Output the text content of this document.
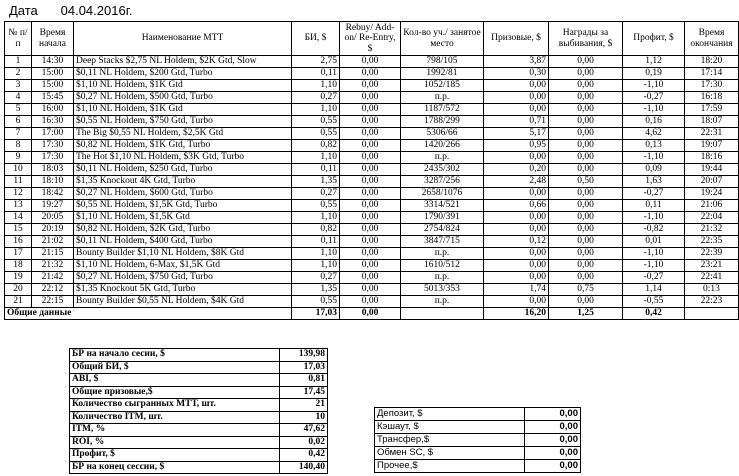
Дата 04.04.2016г.
№ п/п	Время начала	Наименование МТТ	БИ, $	Rebuy/ Add-on/ Re-Entry, $	Кол-во уч./ занятое место	Призовые, $	Награды за выбивания, $	Профит, $	Время окончания
1	14:30	Deep Stacks $2,75 NL Holdem, $2K Gtd, Slow	2,75	0,00	798/105	3,87	0,00	1,12	18:20
2	15:00	$0,11 NL Holdem, $200 Gtd, Turbo	0,11	0,00	1992/81	0,30	0,00	0,19	17:14
3	15:00	$1,10 NL Holdem, $1K Gtd	1,10	0,00	1052/185	0,00	0,00	-1,10	17:30
4	15:45	$0,27 NL Holdem, $500 Gtd, Turbo	0,27	0,00	п.р.	0,00	0,00	-0,27	16:18
5	16:00	$1,10 NL Holdem, $1K Gtd	1,10	0,00	1187/572	0,00	0,00	-1,10	17:59
6	16:30	$0,55 NL Holdem, $750 Gtd, Turbo	0,55	0,00	1788/299	0,71	0,00	0,16	18:07
7	17:00	The Big $0,55 NL Holdem, $2,5K Gtd	0,55	0,00	5306/66	5,17	0,00	4,62	22:31
8	17:30	$0,82 NL Holdem, $1K Gtd, Turbo	0,82	0,00	1420/266	0,95	0,00	0,13	19:07
9	17:30	The Hot $1,10 NL Holdem, $3K Gtd, Turbo	1,10	0,00	п.р.	0,00	0,00	-1,10	18:16
10	18:03	$0,11 NL Holdem, $250 Gtd, Turbo	0,11	0,00	2435/302	0,20	0,00	0,09	19:44
11	18:10	$1,35 Knockout 4K Gtd, Turbo	1,35	0,00	3287/256	2,48	0,50	1,63	20:07
12	18:42	$0,27 NL Holdem, $600 Gtd, Turbo	0,27	0,00	2658/1076	0,00	0,00	-0,27	19:24
13	19:27	$0,55 NL Holdem, $1,5K Gtd, Turbo	0,55	0,00	3314/521	0,66	0,00	0,11	21:06
14	20:05	$1,10 NL Holdem, $1,5K Gtd	1,10	0,00	1790/391	0,00	0,00	-1,10	22:04
15	20:19	$0,82 NL Holdem, $2K Gtd, Turbo	0,82	0,00	2754/824	0,00	0,00	-0,82	21:32
16	21:02	$0,11 NL Holdem, $400 Gtd, Turbo	0,11	0,00	3847/715	0,12	0,00	0,01	22:35
17	21:15	Bounty Builder $1,10 NL Holdem, $8K Gtd	1,10	0,00	п.р.	0,00	0,00	-1,10	22:39
18	21:32	$1,10 NL Holdem, 6-Max, $1,5K Gtd	1,10	0,00	1610/512	0,00	0,00	-1,10	23:21
19	21:42	$0,27 NL Holdem, $750 Gtd, Turbo	0,27	0,00	п.р.	0,00	0,00	-0,27	22:41
20	22:12	$1,35 Knockout 5K Gtd, Turbo	1,35	0,00	5013/353	1,74	0,75	1,14	0:13
21	22:15	Bounty Builder $0,55 NL Holdem, $4K Gtd	0,55	0,00	п.р.	0,00	0,00	-0,55	22:23
Общие данные			17,03	0,00		16,20	1,25	0,42	
БР на начало сесии, $	139,98
Общий БИ, $	17,03
ABI, $	0,81
Общие призовые,$	17,45
Количество сыгранных МТТ, шт.	21
Количество ITM, шт.	10
ITM, %	47,62
ROI, %	0,02
Профит, $	0,42
БР на конец сессии, $	140,40
Депозит, $	0,00
Кэшаут, $	0,00
Трансфер,$	0,00
Обмен SC, $	0,00
Прочее,$	0,00
